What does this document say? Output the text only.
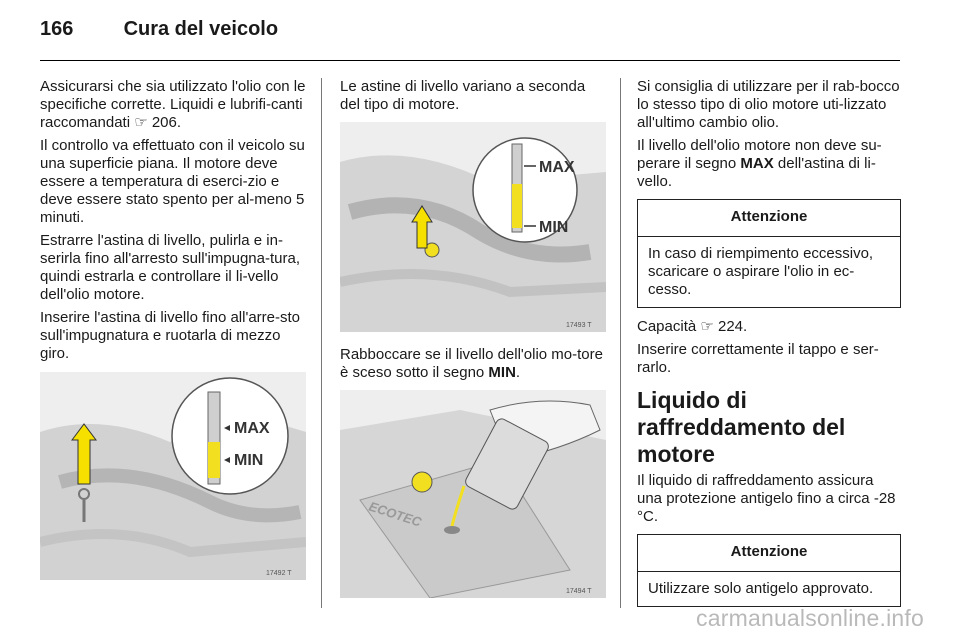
166	Cura del veicolo

Assicurarsi che sia utilizzato l'olio con le specifiche corrette. Liquidi e lubrifi-canti raccomandati ☞ 206.

Il controllo va effettuato con il veicolo su una superficie piana. Il motore deve essere a temperatura di eserci-zio e deve essere stato spento per al-meno 5 minuti.

Estrarre l'astina di livello, pulirla e in-serirla fino all'arresto sull'impugna-tura, quindi estrarla e controllare il li-vello dell'olio motore.

Inserire l'astina di livello fino all'arre-sto sull'impugnatura e ruotarla di mezzo giro.

MAX
MIN
17492 T

Le astine di livello variano a seconda del tipo di motore.

MAX
MIN
17493 T

Rabboccare se il livello dell'olio mo-tore è sceso sotto il segno MIN.

ECOTEC
17494 T

Si consiglia di utilizzare per il rab-bocco lo stesso tipo di olio motore uti-lizzato all'ultimo cambio olio.

Il livello dell'olio motore non deve su-perare il segno MAX dell'astina di li-vello.

Attenzione
In caso di riempimento eccessivo, scaricare o aspirare l'olio in ec-cesso.

Capacità ☞ 224.

Inserire correttamente il tappo e ser-rarlo.

Liquido di raffreddamento del motore

Il liquido di raffreddamento assicura una protezione antigelo fino a circa -28 °C.

Attenzione
Utilizzare solo antigelo approvato.
carmanualsonline.info
